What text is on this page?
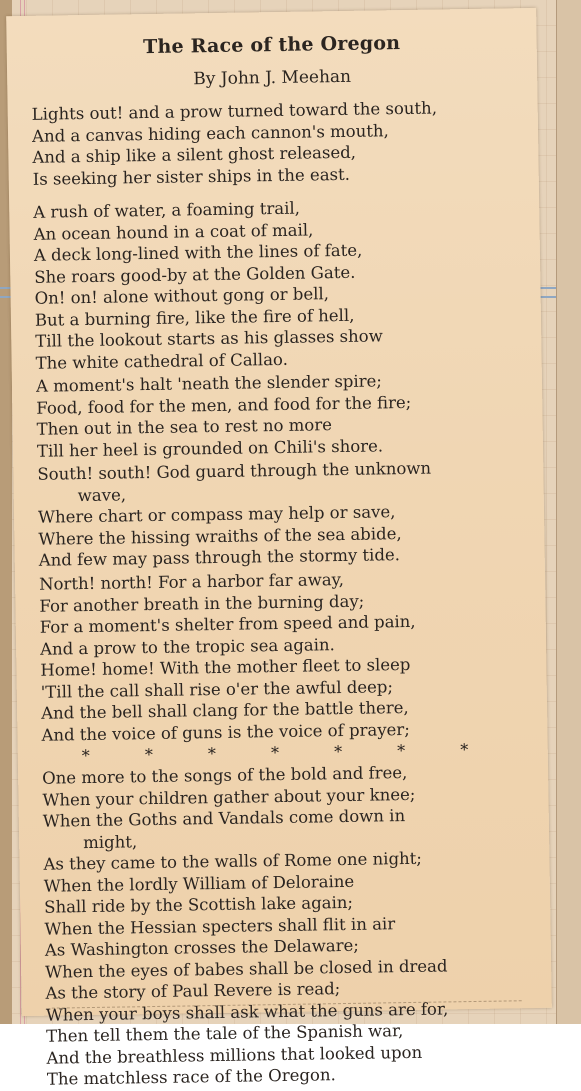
The Race of the Oregon
By John J. Meehan
Lights out! and a prow turned toward the south,
And a canvas hiding each cannon's mouth,
And a ship like a silent ghost released,
Is seeking her sister ships in the east.
A rush of water, a foaming trail,
An ocean hound in a coat of mail,
A deck long-lined with the lines of fate,
She roars good-by at the Golden Gate.
On! on! alone without gong or bell,
But a burning fire, like the fire of hell,
Till the lookout starts as his glasses show
The white cathedral of Callao.
A moment's halt 'neath the slender spire;
Food, food for the men, and food for the fire;
Then out in the sea to rest no more
Till her heel is grounded on Chili's shore.
South! south! God guard through the unknown
wave,
Where chart or compass may help or save,
Where the hissing wraiths of the sea abide,
And few may pass through the stormy tide.
North! north! For a harbor far away,
For another breath in the burning day;
For a moment's shelter from speed and pain,
And a prow to the tropic sea again.
Home! home! With the mother fleet to sleep
'Till the call shall rise o'er the awful deep;
And the bell shall clang for the battle there,
And the voice of guns is the voice of prayer;
* * * * * * *
One more to the songs of the bold and free,
When your children gather about your knee;
When the Goths and Vandals come down in
might,
As they came to the walls of Rome one night;
When the lordly William of Deloraine
Shall ride by the Scottish lake again;
When the Hessian specters shall flit in air
As Washington crosses the Delaware;
When the eyes of babes shall be closed in dread
As the story of Paul Revere is read;
When your boys shall ask what the guns are for,
Then tell them the tale of the Spanish war,
And the breathless millions that looked upon
The matchless race of the Oregon.
